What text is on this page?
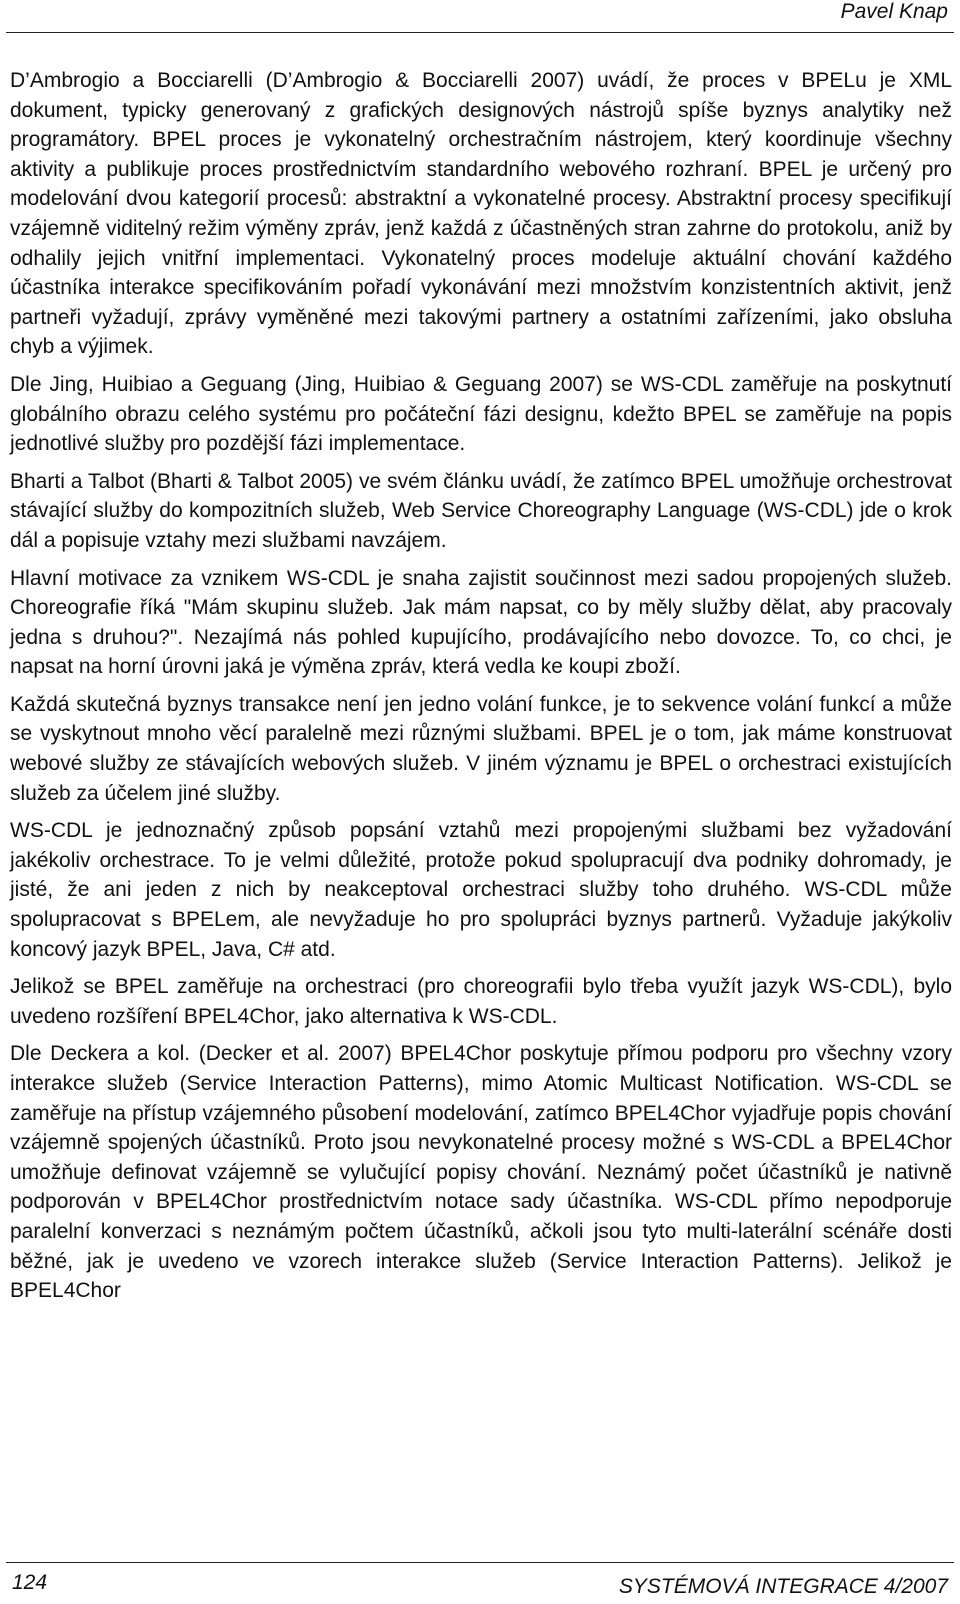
Pavel Knap

D’Ambrogio a Bocciarelli (D’Ambrogio & Bocciarelli 2007) uvádí, že proces v BPELu je XML dokument, typicky generovaný z grafických designových nástrojů spíše byznys analytiky než programátory. BPEL proces je vykonatelný orchestračním nástrojem, který koordinuje všechny aktivity a publikuje proces prostřednictvím standardního webového rozhraní. BPEL je určený pro modelování dvou kategorií procesů: abstraktní a vykonatelné procesy. Abstraktní procesy specifikují vzájemně viditelný režim výměny zpráv, jenž každá z účastněných stran zahrne do protokolu, aniž by odhalily jejich vnitřní implementaci. Vykonatelný proces modeluje aktuální chování každého účastníka interakce specifikováním pořadí vykonávání mezi množstvím konzistentních aktivit, jenž partneři vyžadují, zprávy vyměněné mezi takovými partnery a ostatními zařízeními, jako obsluha chyb a výjimek.

Dle Jing, Huibiao a Geguang (Jing, Huibiao & Geguang 2007) se WS-CDL zaměřuje na poskytnutí globálního obrazu celého systému pro počáteční fázi designu, kdežto BPEL se zaměřuje na popis jednotlivé služby pro pozdější fázi implementace.

Bharti a Talbot (Bharti & Talbot 2005) ve svém článku uvádí, že zatímco BPEL umožňuje orchestrovat stávající služby do kompozitních služeb, Web Service Choreography Language (WS-CDL) jde o krok dál a popisuje vztahy mezi službami navzájem.

Hlavní motivace za vznikem WS-CDL je snaha zajistit součinnost mezi sadou propojených služeb. Choreografie říká "Mám skupinu služeb. Jak mám napsat, co by měly služby dělat, aby pracovaly jedna s druhou?". Nezajímá nás pohled kupujícího, prodávajícího nebo dovozce. To, co chci, je napsat na horní úrovni jaká je výměna zpráv, která vedla ke koupi zboží.

Každá skutečná byznys transakce není jen jedno volání funkce, je to sekvence volání funkcí a může se vyskytnout mnoho věcí paralelně mezi různými službami. BPEL je o tom, jak máme konstruovat webové služby ze stávajících webových služeb. V jiném významu je BPEL o orchestraci existujících služeb za účelem jiné služby.

WS-CDL je jednoznačný způsob popsání vztahů mezi propojenými službami bez vyžadování jakékoliv orchestrace. To je velmi důležité, protože pokud spolupracují dva podniky dohromady, je jisté, že ani jeden z nich by neakceptoval orchestraci služby toho druhého. WS-CDL může spolupracovat s BPELem, ale nevyžaduje ho pro spolupráci byznys partnerů. Vyžaduje jakýkoliv koncový jazyk BPEL, Java, C# atd.

Jelikož se BPEL zaměřuje na orchestraci (pro choreografii bylo třeba využít jazyk WS-CDL), bylo uvedeno rozšíření BPEL4Chor, jako alternativa k WS-CDL.

Dle Deckera a kol. (Decker et al. 2007) BPEL4Chor poskytuje přímou podporu pro všechny vzory interakce služeb (Service Interaction Patterns), mimo Atomic Multicast Notification. WS-CDL se zaměřuje na přístup vzájemného působení modelování, zatímco BPEL4Chor vyjadřuje popis chování vzájemně spojených účastníků. Proto jsou nevykonatelné procesy možné s WS-CDL a BPEL4Chor umožňuje definovat vzájemně se vylučující popisy chování. Neznámý počet účastníků je nativně podporován v BPEL4Chor prostřednictvím notace sady účastníka. WS-CDL přímo nepodporuje paralelní konverzaci s neznámým počtem účastníků, ačkoli jsou tyto multi-laterální scénáře dosti běžné, jak je uvedeno ve vzorech interakce služeb (Service Interaction Patterns). Jelikož je BPEL4Chor

124	SYSTÉMOVÁ INTEGRACE 4/2007
